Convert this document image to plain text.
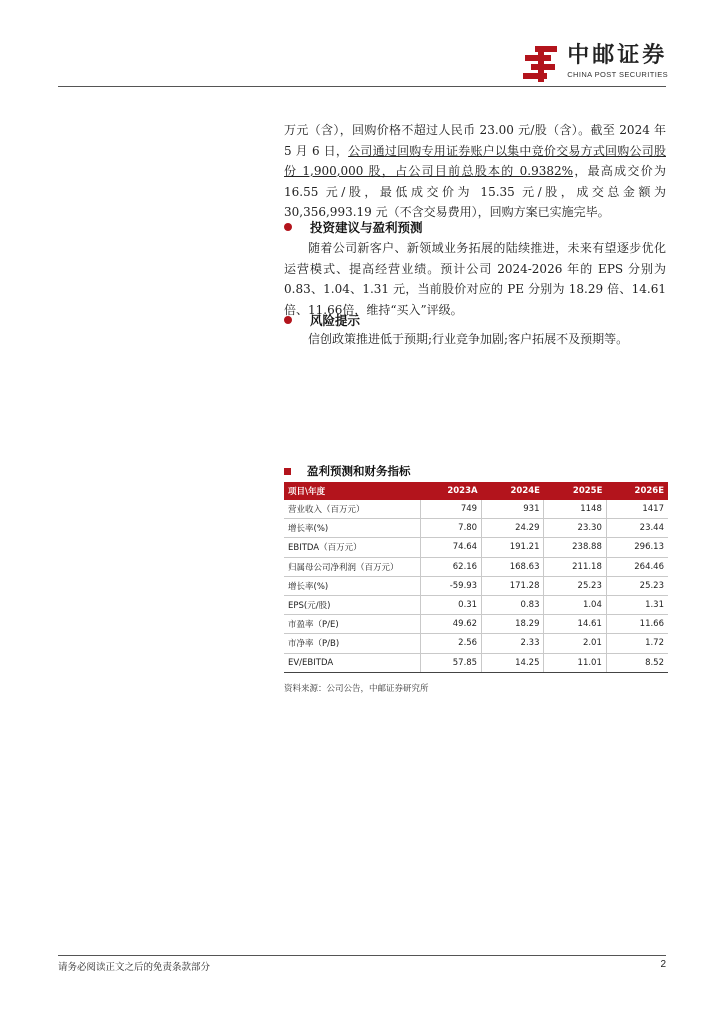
中邮证券
CHINA POST SECURITIES
万元（含），回购价格不超过人民币 23.00 元/股（含）。截至 2024 年 5 月 6 日，公司通过回购专用证券账户以集中竞价交易方式回购公司股份 1,900,000 股，占公司目前总股本的 0.9382%，最高成交价为 16.55 元/股，最低成交价为 15.35 元/股，成交总金额为 30,356,993.19 元（不含交易费用），回购方案已实施完毕。
投资建议与盈利预测
随着公司新客户、新领域业务拓展的陆续推进，未来有望逐步优化运营模式、提高经营业绩。预计公司 2024-2026 年的 EPS 分别为 0.83、1.04、1.31 元，当前股价对应的 PE 分别为 18.29 倍、14.61 倍、11.66倍，维持“买入”评级。
风险提示
信创政策推进低于预期;行业竞争加剧;客户拓展不及预期等。
盈利预测和财务指标
项目\年度	2023A	2024E	2025E	2026E
营业收入（百万元）	749	931	1148	1417
增长率(%)	7.80	24.29	23.30	23.44
EBITDA（百万元）	74.64	191.21	238.88	296.13
归属母公司净利润（百万元）	62.16	168.63	211.18	264.46
增长率(%)	-59.93	171.28	25.23	25.23
EPS(元/股)	0.31	0.83	1.04	1.31
市盈率（P/E)	49.62	18.29	14.61	11.66
市净率（P/B)	2.56	2.33	2.01	1.72
EV/EBITDA	57.85	14.25	11.01	8.52
资料来源：公司公告，中邮证券研究所
请务必阅读正文之后的免责条款部分	2
